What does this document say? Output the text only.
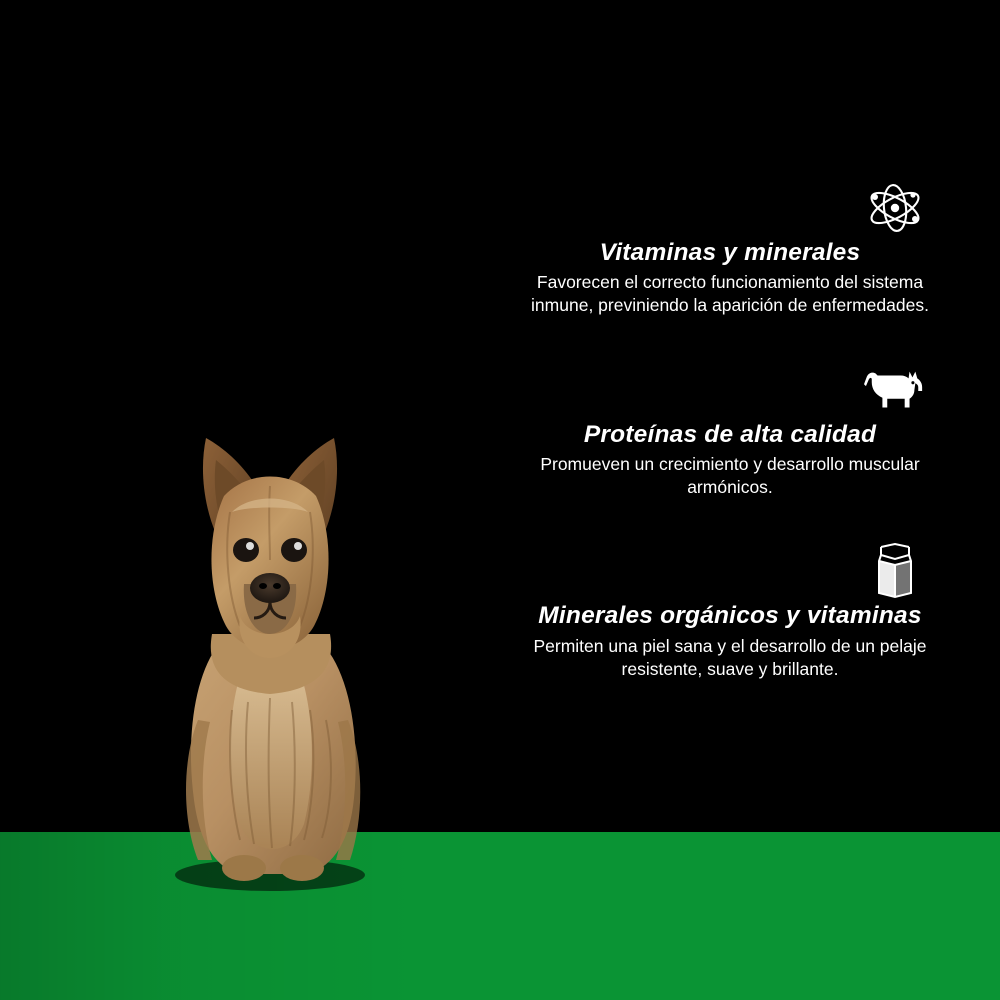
Vitaminas y minerales
Favorecen el correcto funcionamiento del sistema inmune, previniendo la aparición de enfermedades.
Proteínas de alta calidad
Promueven un crecimiento y desarrollo muscular armónicos.
Minerales orgánicos y vitaminas
Permiten una piel sana y el desarrollo de un pelaje resistente, suave y brillante.
